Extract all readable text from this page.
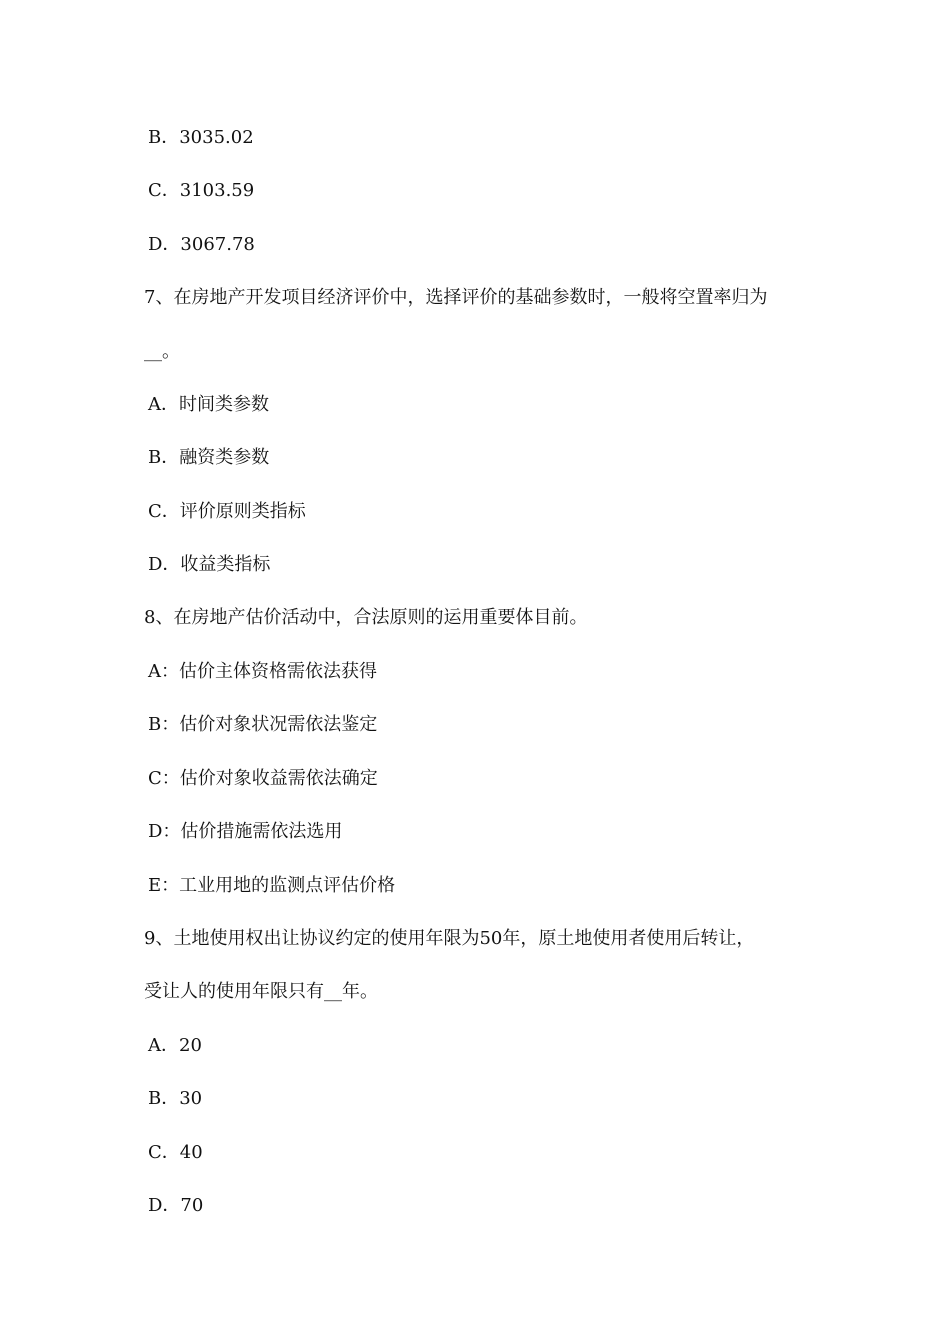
B．3035.02
C．3103.59
D．3067.78
7、在房地产开发项目经济评价中，选择评价的基础参数时，一般将空置率归为
__。
A．时间类参数
B．融资类参数
C．评价原则类指标
D．收益类指标
8、在房地产估价活动中，合法原则的运用重要体目前。
A：估价主体资格需依法获得
B：估价对象状况需依法鉴定
C：估价对象收益需依法确定
D：估价措施需依法选用
E：工业用地的监测点评估价格
9、土地使用权出让协议约定的使用年限为50年，原土地使用者使用后转让，
受让人的使用年限只有__年。
A．20
B．30
C．40
D．70
